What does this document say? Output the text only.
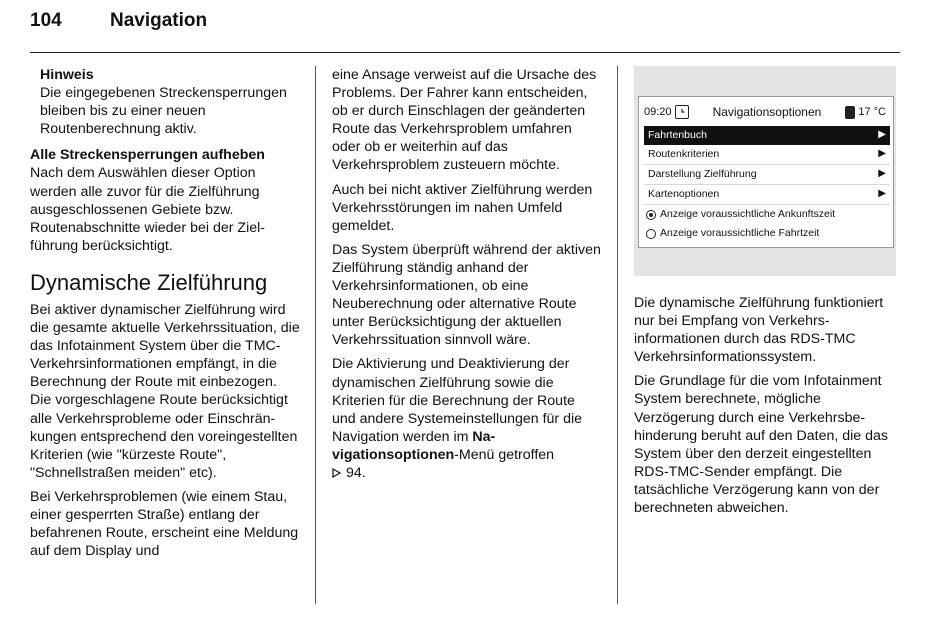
104	Navigation
Hinweis
Die eingegebenen Streckensperrungen bleiben bis zu einer neuen Routenberechnung aktiv.
Alle Streckensperrungen aufheben

Nach dem Auswählen dieser Option werden alle zuvor für die Zielführung ausgeschlossenen Gebiete bzw. Routenabschnitte wieder bei der Zielführung berücksichtigt.

Dynamische Zielführung

Bei aktiver dynamischer Zielführung wird die gesamte aktuelle Verkehrssituation, die das Infotainment System über die TMC-Verkehrsinformationen empfängt, in die Berechnung der Route mit einbezogen. Die vorgeschlagene Route berücksichtigt alle Verkehrsprobleme oder Einschränkungen entsprechend den voreingestellten Kriterien (wie "kürzeste Route", "Schnellstraßen meiden" etc).

Bei Verkehrsproblemen (wie einem Stau, einer gesperrten Straße) entlang der befahrenen Route, erscheint eine Meldung auf dem Display und

eine Ansage verweist auf die Ursache des Problems. Der Fahrer kann entscheiden, ob er durch Einschlagen der geänderten Route das Verkehrsproblem umfahren oder ob er weiterhin auf das Verkehrsproblem zusteuern möchte.

Auch bei nicht aktiver Zielführung werden Verkehrsstörungen im nahen Umfeld gemeldet.

Das System überprüft während der aktiven Zielführung ständig anhand der Verkehrsinformationen, ob eine Neuberechnung oder alternative Route unter Berücksichtigung der aktuellen Verkehrssituation sinnvoll wäre.

Die Aktivierung und Deaktivierung der dynamischen Zielführung sowie die Kriterien für die Berechnung der Route und andere Systemeinstellungen für die Navigation werden im Navigationsoptionen-Menü getroffen

94.

09:20	Navigationsoptionen	17 °C
Fahrtenbuch	▶
Routenkriterien	▶
Darstellung Zielführung	▶
Kartenoptionen	▶
Anzeige voraussichtliche Ankunftszeit
Anzeige voraussichtliche Fahrtzeit

Die dynamische Zielführung funktioniert nur bei Empfang von Verkehrsinformationen durch das RDS-TMC Verkehrsinformationssystem.

Die Grundlage für die vom Infotainment System berechnete, mögliche Verzögerung durch eine Verkehrsbehinderung beruht auf den Daten, die das System über den derzeit eingestellten RDS-TMC-Sender empfängt. Die tatsächliche Verzögerung kann von der berechneten abweichen.
